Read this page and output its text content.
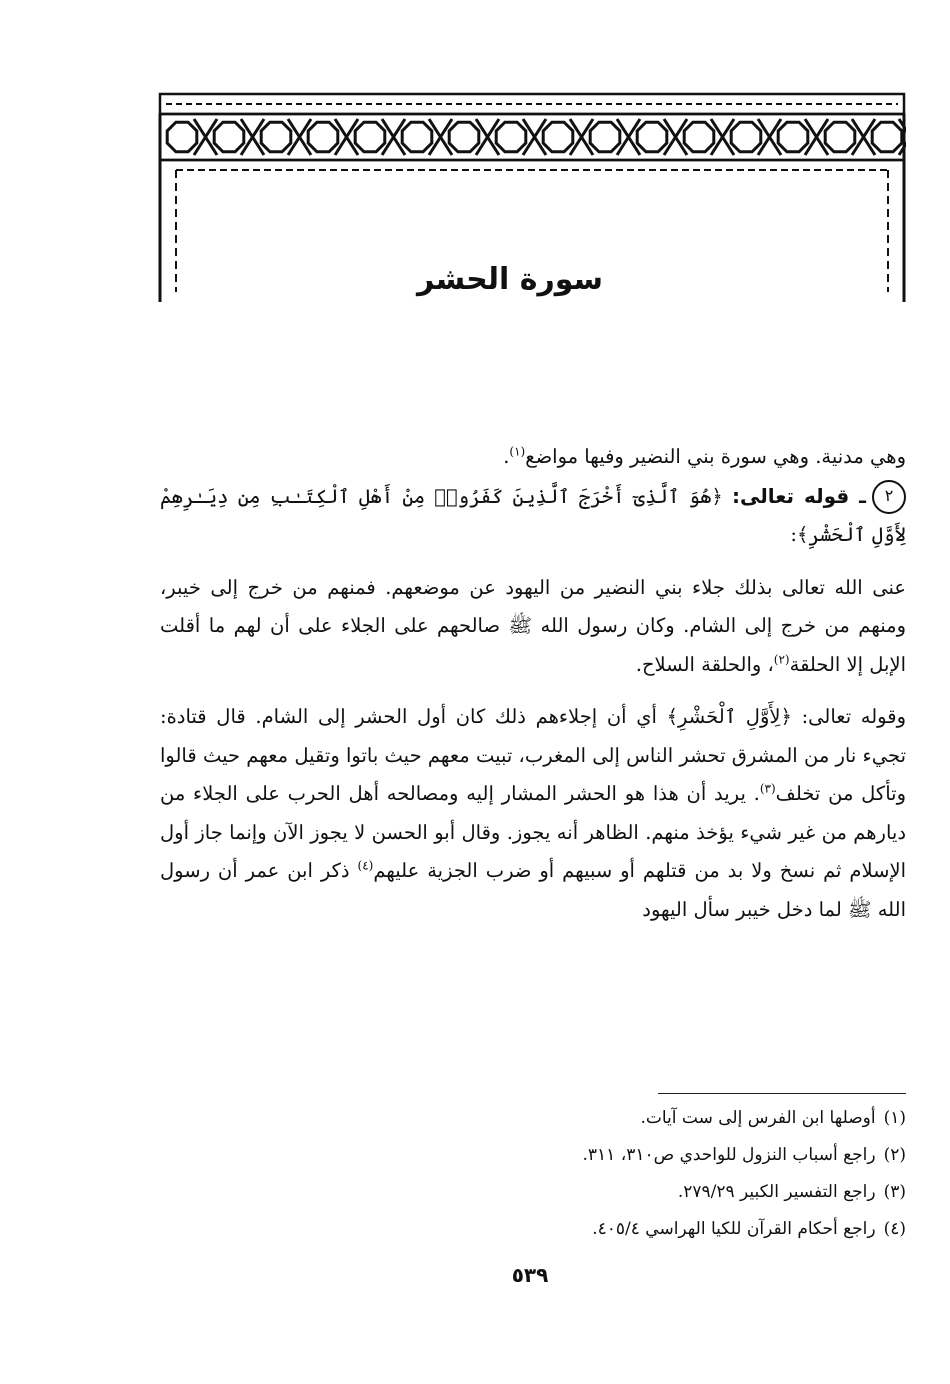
سورة الحشر

وهي مدنية. وهي سورة بني النضير وفيها مواضع$^{(١)}$.

٢ـ قوله تعالى: ﴿هُوَ ٱلَّذِىٓ أَخْرَجَ ٱلَّذِينَ كَفَرُوا۟ مِنْ أَهْلِ ٱلْكِتَـٰبِ مِن دِيَـٰرِهِمْ لِأَوَّلِ ٱلْحَشْرِ﴾:

عنى الله تعالى بذلك جلاء بني النضير من اليهود عن موضعهم. فمنهم من خرج إلى خيبر، ومنهم من خرج إلى الشام. وكان رسول الله ﷺ صالحهم على الجلاء على أن لهم ما أقلت الإبل إلا الحلقة$^{(٢)}$، والحلقة السلاح.

وقوله تعالى: ﴿لِأَوَّلِ ٱلْحَشْرِ﴾ أي أن إجلاءهم ذلك كان أول الحشر إلى الشام. قال قتادة: تجيء نار من المشرق تحشر الناس إلى المغرب، تبيت معهم حيث باتوا وتقيل معهم حيث قالوا وتأكل من تخلف$^{(٣)}$. يريد أن هذا هو الحشر المشار إليه ومصالحه أهل الحرب على الجلاء من ديارهم من غير شيء يؤخذ منهم. الظاهر أنه يجوز. وقال أبو الحسن لا يجوز الآن وإنما جاز أول الإسلام ثم نسخ ولا بد من قتلهم أو سبيهم أو ضرب الجزية عليهم$^{(٤)}$ ذكر ابن عمر أن رسول الله ﷺ لما دخل خيبر سأل اليهود

(١)أوصلها ابن الفرس إلى ست آيات.
(٢)راجع أسباب النزول للواحدي ص٣١٠، ٣١١.
(٣)راجع التفسير الكبير ٢٧٩/٢٩.
(٤)راجع أحكام القرآن للكيا الهراسي ٤٠٥/٤.
٥٣٩
